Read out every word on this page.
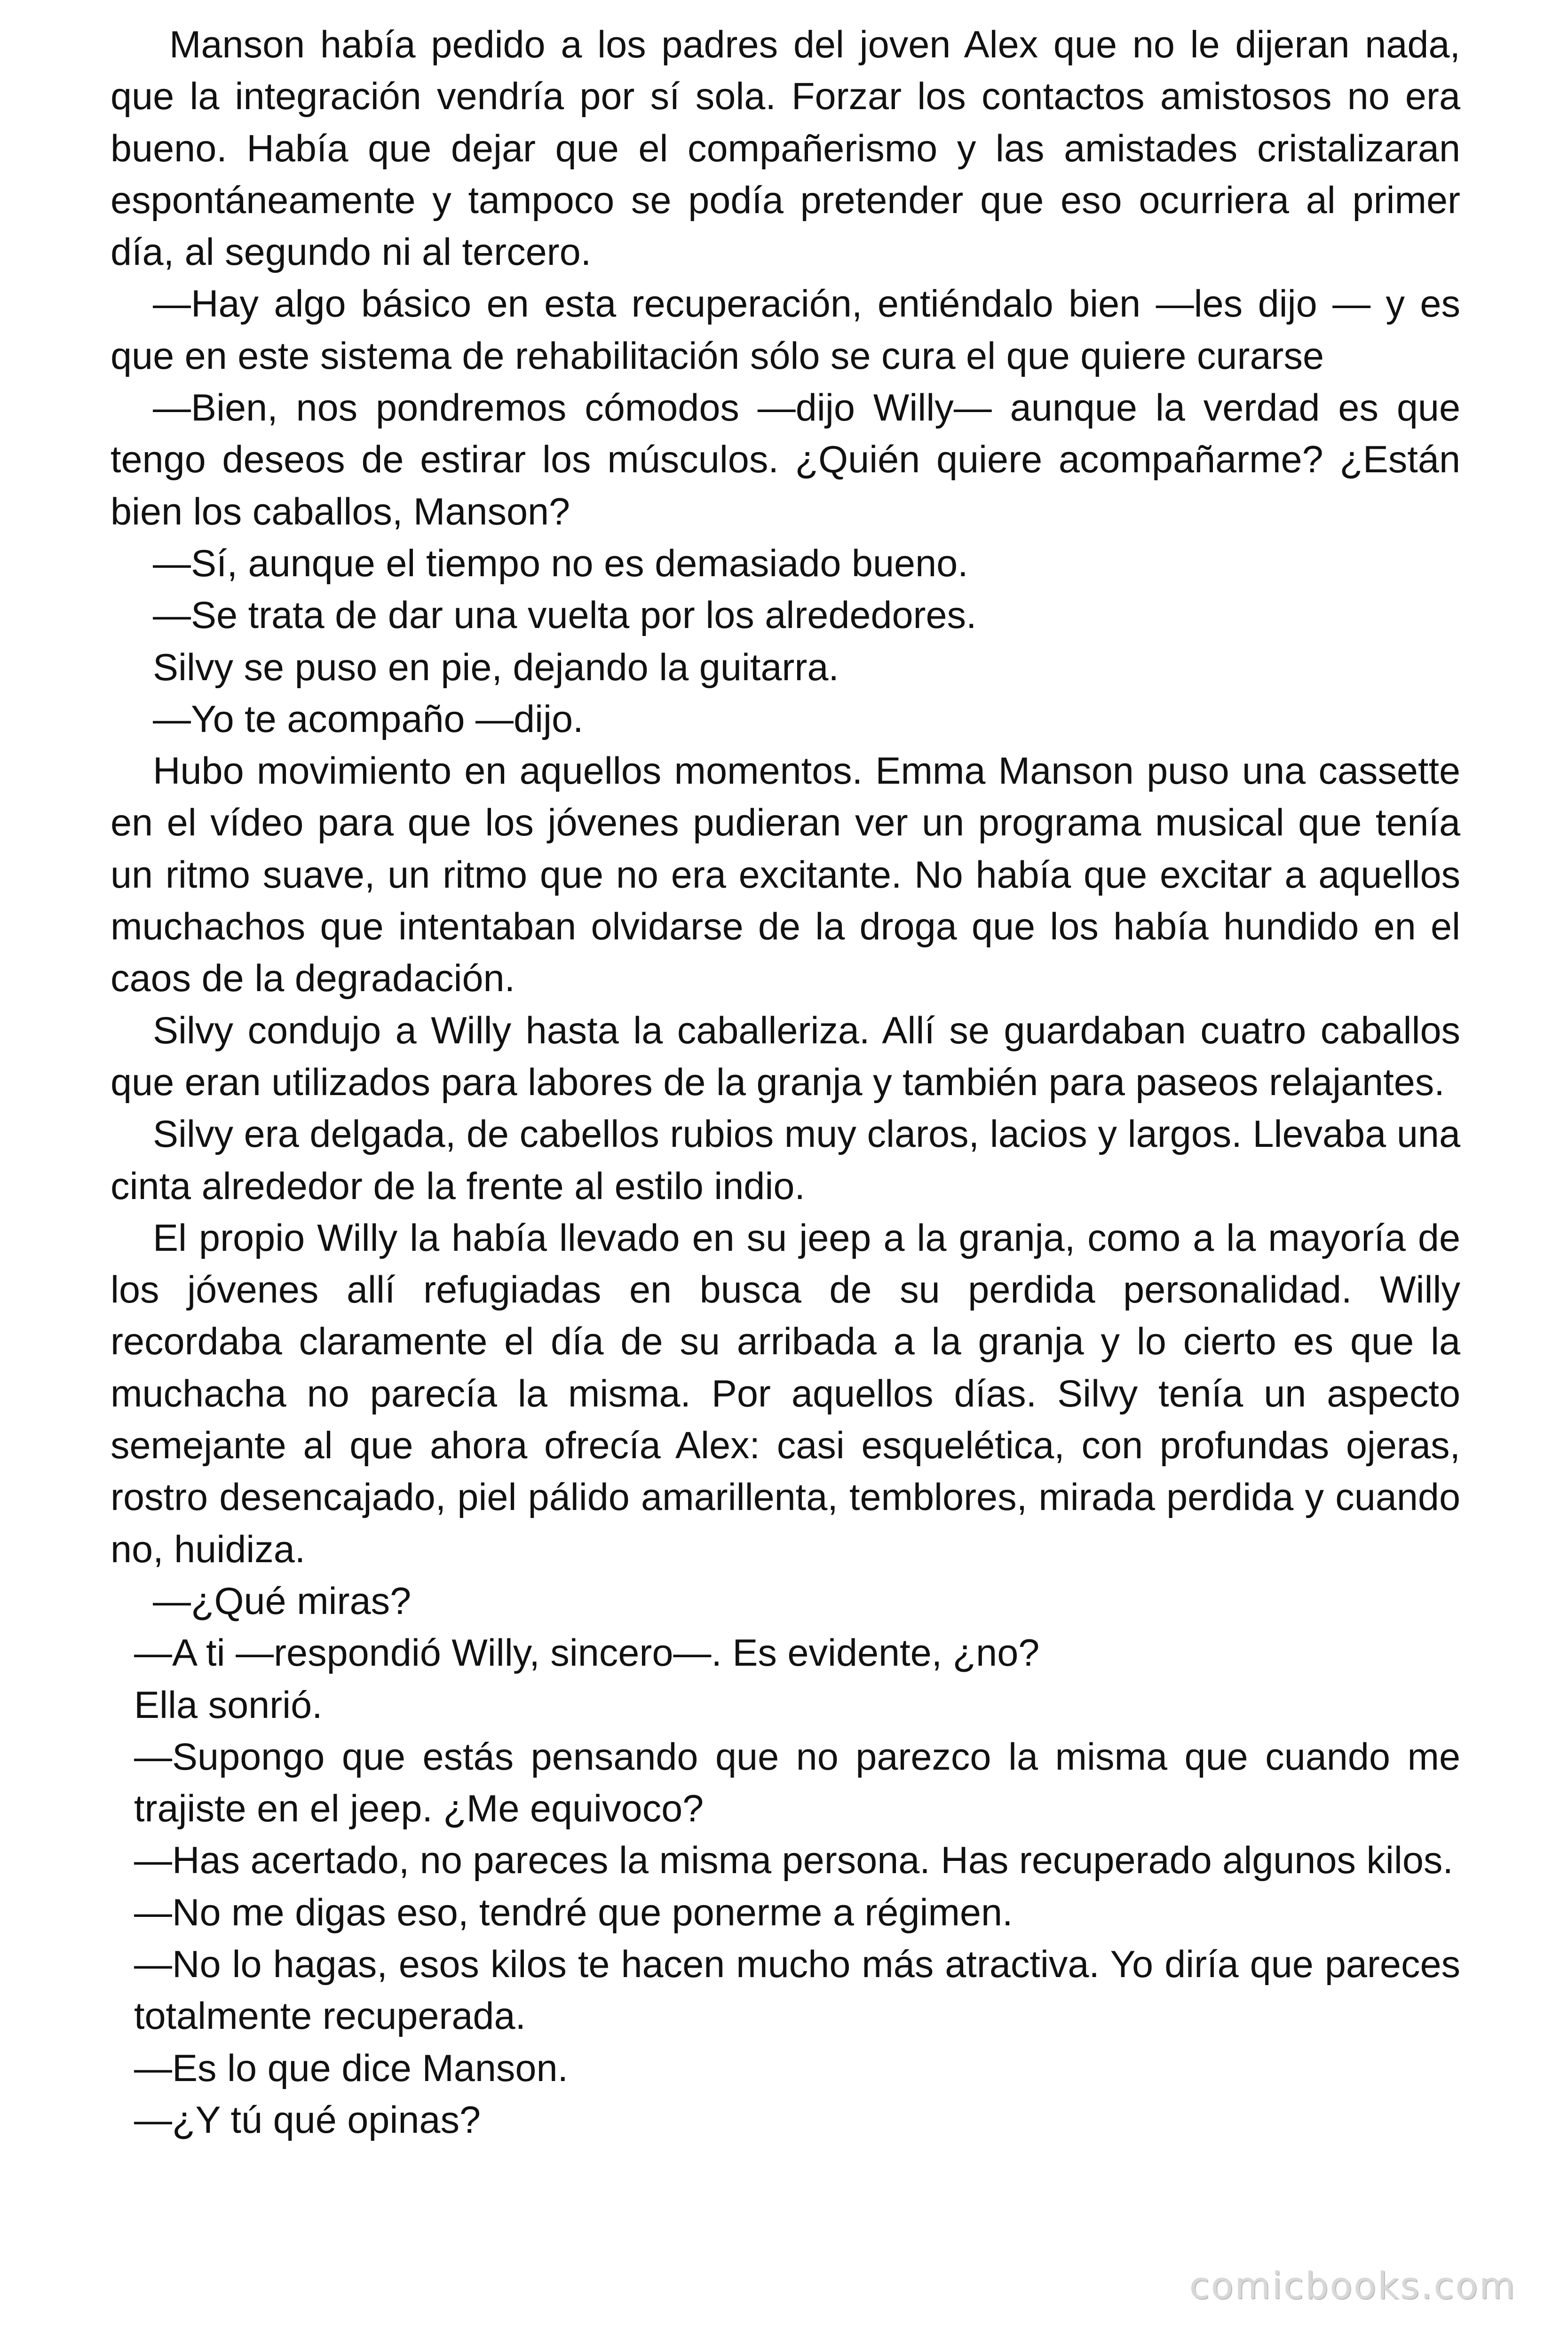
Manson había pedido a los padres del joven Alex que no le dijeran nada, que la integración vendría por sí sola. Forzar los contactos amistosos no era bueno. Había que dejar que el compañerismo y las amistades cristalizaran espontáneamente y tampoco se podía pretender que eso ocurriera al primer día, al segundo ni al tercero.

—Hay algo básico en esta recuperación, entiéndalo bien —les dijo — y es que en este sistema de rehabilitación sólo se cura el que quiere curarse

—Bien, nos pondremos cómodos —dijo Willy— aunque la verdad es que tengo deseos de estirar los músculos. ¿Quién quiere acompañarme? ¿Están bien los caballos, Manson?

—Sí, aunque el tiempo no es demasiado bueno.

—Se trata de dar una vuelta por los alrededores.

Silvy se puso en pie, dejando la guitarra.

—Yo te acompaño —dijo.

Hubo movimiento en aquellos momentos. Emma Manson puso una cassette en el vídeo para que los jóvenes pudieran ver un programa musical que tenía un ritmo suave, un ritmo que no era excitante. No había que excitar a aquellos muchachos que intentaban olvidarse de la droga que los había hundido en el caos de la degradación.

Silvy condujo a Willy hasta la caballeriza. Allí se guardaban cuatro caballos que eran utilizados para labores de la granja y también para paseos relajantes.

Silvy era delgada, de cabellos rubios muy claros, lacios y largos. Llevaba una cinta alrededor de la frente al estilo indio.

El propio Willy la había llevado en su jeep a la granja, como a la mayoría de los jóvenes allí refugiadas en busca de su perdida personalidad. Willy recordaba claramente el día de su arribada a la granja y lo cierto es que la muchacha no parecía la misma. Por aquellos días. Silvy tenía un aspecto semejante al que ahora ofrecía Alex: casi esquelética, con profundas ojeras, rostro desencajado, piel pálido amarillenta, temblores, mirada perdida y cuando no, huidiza.

—¿Qué miras?

—A ti —respondió Willy, sincero—. Es evidente, ¿no?

Ella sonrió.

—Supongo que estás pensando que no parezco la misma que cuando me trajiste en el jeep. ¿Me equivoco?

—Has acertado, no pareces la misma persona. Has recuperado algunos kilos.

—No me digas eso, tendré que ponerme a régimen.

—No lo hagas, esos kilos te hacen mucho más atractiva. Yo diría que pareces totalmente recuperada.

—Es lo que dice Manson.

—¿Y tú qué opinas?

comicbooks.com
